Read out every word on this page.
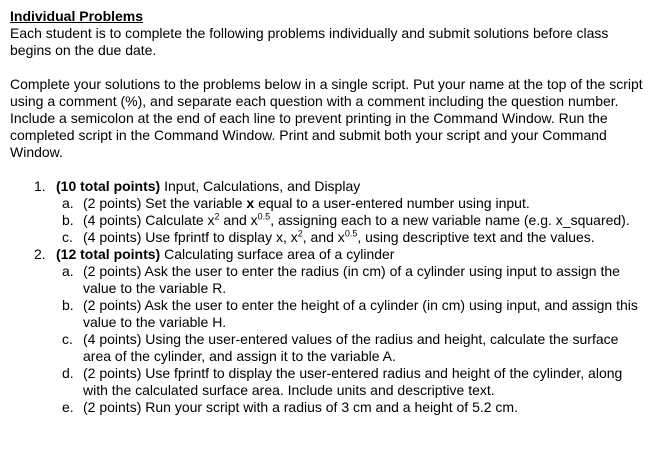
Individual Problems

Each student is to complete the following problems individually and submit solutions before class begins on the due date.

Complete your solutions to the problems below in a single script. Put your name at the top of the script using a comment (%), and separate each question with a comment including the question number. Include a semicolon at the end of each line to prevent printing in the Command Window. Run the completed script in the Command Window. Print and submit both your script and your Command Window.

1. (10 total points) Input, Calculations, and Display
a. (2 points) Set the variable x equal to a user-entered number using input.
b. (4 points) Calculate $x^2$ and $x^{0.5}$, assigning each to a new variable name (e.g. x_squared).
c. (4 points) Use fprintf to display x, $x^2$, and $x^{0.5}$, using descriptive text and the values.
2. (12 total points) Calculating surface area of a cylinder
a. (2 points) Ask the user to enter the radius (in cm) of a cylinder using input to assign the value to the variable R.
b. (2 points) Ask the user to enter the height of a cylinder (in cm) using input, and assign this value to the variable H.
c. (4 points) Using the user-entered values of the radius and height, calculate the surface area of the cylinder, and assign it to the variable A.
d. (2 points) Use fprintf to display the user-entered radius and height of the cylinder, along with the calculated surface area. Include units and descriptive text.
e. (2 points) Run your script with a radius of 3 cm and a height of 5.2 cm.
